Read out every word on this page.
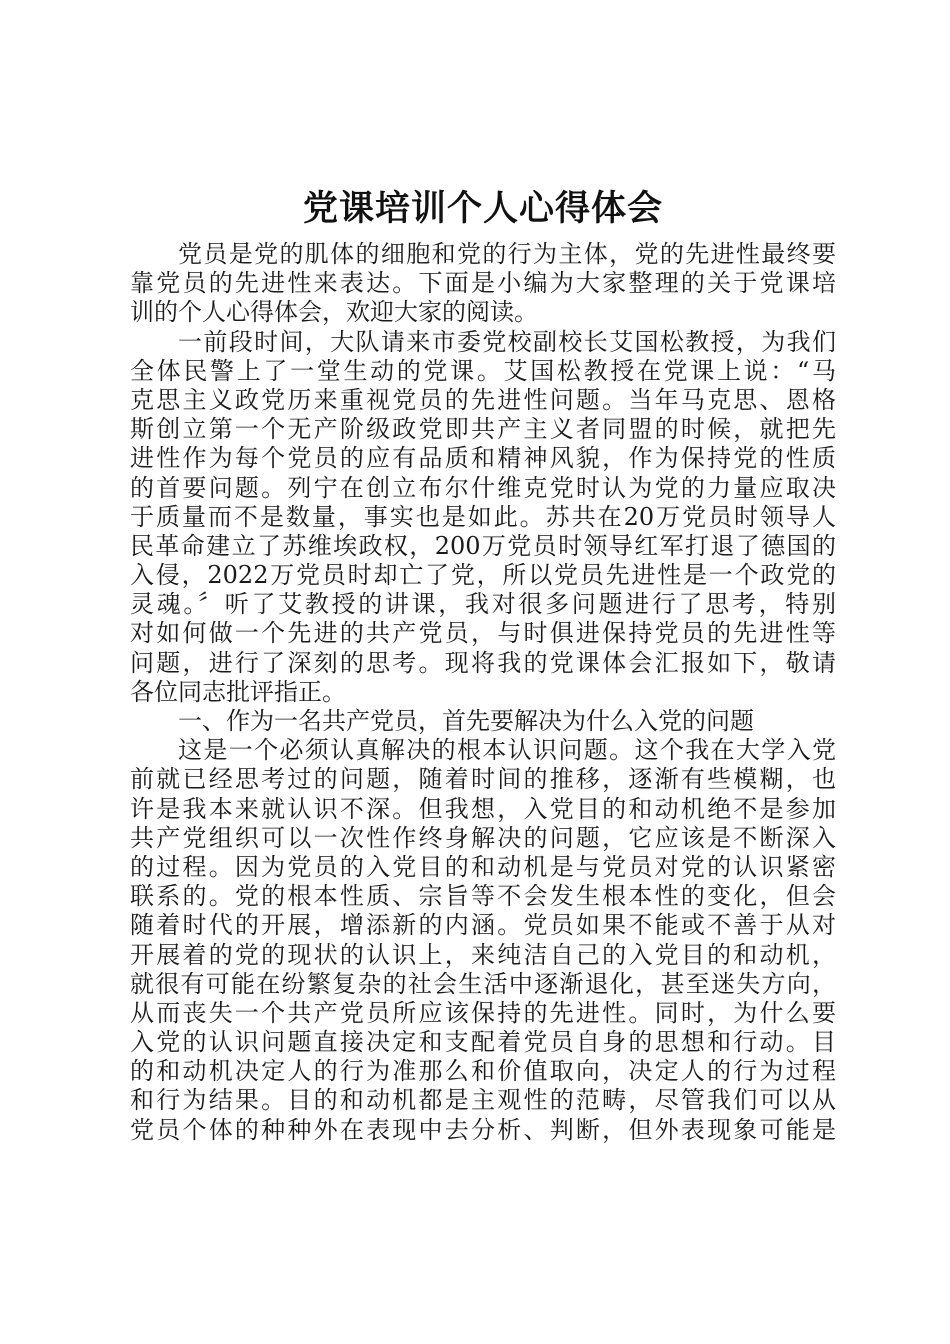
党课培训个人心得体会
党员是党的肌体的细胞和党的行为主体，党的先进性最终要
靠党员的先进性来表达。下面是小编为大家整理的关于党课培
训的个人心得体会，欢迎大家的阅读。
一前段时间，大队请来市委党校副校长艾国松教授，为我们
全体民警上了一堂生动的党课。艾国松教授在党课上说：“马
克思主义政党历来重视党员的先进性问题。当年马克思、恩格
斯创立第一个无产阶级政党即共产主义者同盟的时候，就把先
进性作为每个党员的应有品质和精神风貌，作为保持党的性质
的首要问题。列宁在创立布尔什维克党时认为党的力量应取决
于质量而不是数量，事实也是如此。苏共在20万党员时领导人
民革命建立了苏维埃政权，200万党员时领导红军打退了德国的
入侵，2022万党员时却亡了党，所以党员先进性是一个政党的
灵魂。〞听了艾教授的讲课，我对很多问题进行了思考，特别
对如何做一个先进的共产党员，与时俱进保持党员的先进性等
问题，进行了深刻的思考。现将我的党课体会汇报如下，敬请
各位同志批评指正。
一、作为一名共产党员，首先要解决为什么入党的问题
这是一个必须认真解决的根本认识问题。这个我在大学入党
前就已经思考过的问题，随着时间的推移，逐渐有些模糊，也
许是我本来就认识不深。但我想，入党目的和动机绝不是参加
共产党组织可以一次性作终身解决的问题，它应该是不断深入
的过程。因为党员的入党目的和动机是与党员对党的认识紧密
联系的。党的根本性质、宗旨等不会发生根本性的变化，但会
随着时代的开展，增添新的内涵。党员如果不能或不善于从对
开展着的党的现状的认识上，来纯洁自己的入党目的和动机，
就很有可能在纷繁复杂的社会生活中逐渐退化，甚至迷失方向，
从而丧失一个共产党员所应该保持的先进性。同时，为什么要
入党的认识问题直接决定和支配着党员自身的思想和行动。目
的和动机决定人的行为准那么和价值取向，决定人的行为过程
和行为结果。目的和动机都是主观性的范畴，尽管我们可以从
党员个体的种种外在表现中去分析、判断，但外表现象可能是
